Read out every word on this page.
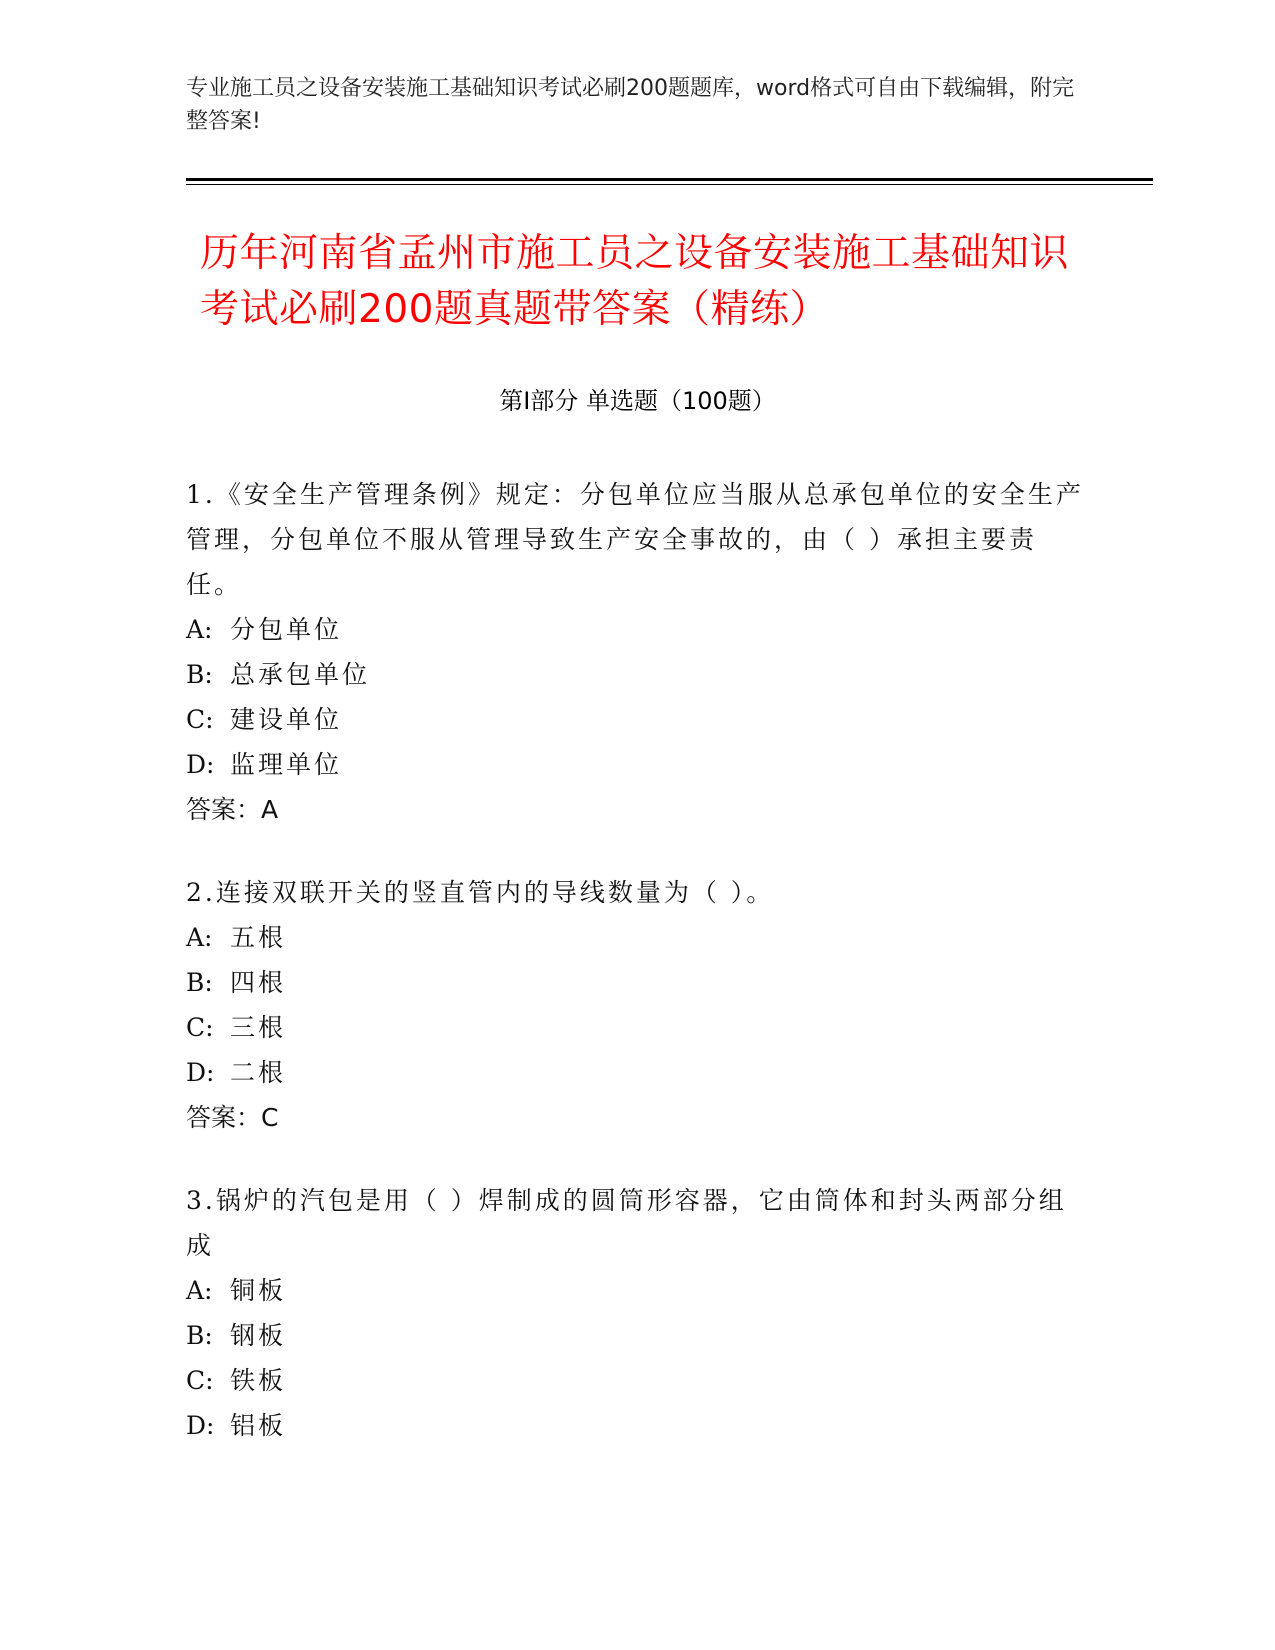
专业施工员之设备安装施工基础知识考试必刷200题题库，word格式可自由下载编辑，附完整答案!
历年河南省孟州市施工员之设备安装施工基础知识考试必刷200题真题带答案（精练）
第Ⅰ部分 单选题（100题）

1.《安全生产管理条例》规定：分包单位应当服从总承包单位的安全生产管理，分包单位不服从管理导致生产安全事故的，由（ ）承担主要责任。

A: 分包单位

B: 总承包单位

C: 建设单位

D: 监理单位

答案：A

2.连接双联开关的竖直管内的导线数量为（ ）。

A: 五根

B: 四根

C: 三根

D: 二根

答案：C

3.锅炉的汽包是用（ ）焊制成的圆筒形容器，它由筒体和封头两部分组成

A: 铜板

B: 钢板

C: 铁板

D: 铝板
